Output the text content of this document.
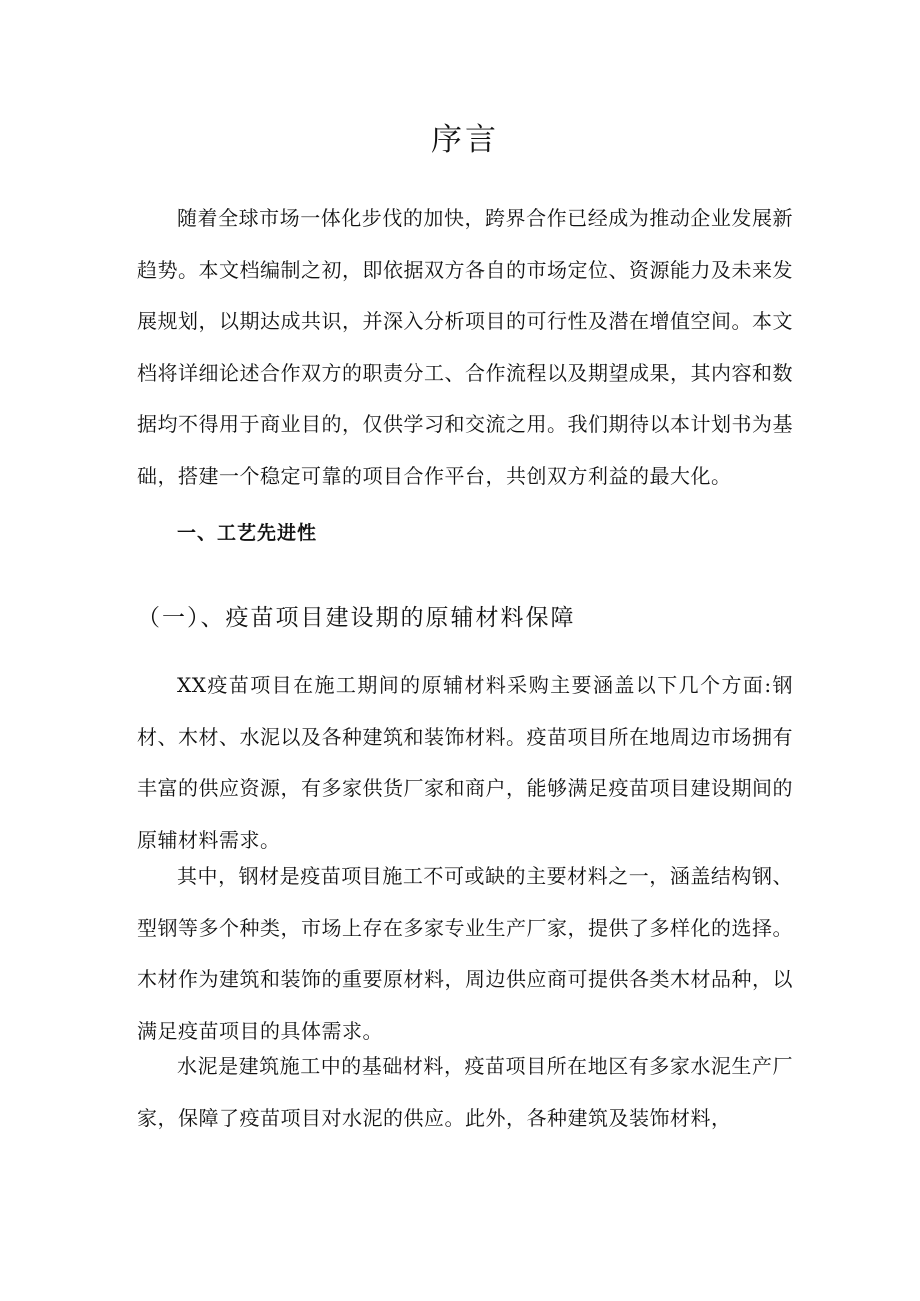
序言

随着全球市场一体化步伐的加快，跨界合作已经成为推动企业发展新趋势。本文档编制之初，即依据双方各自的市场定位、资源能力及未来发展规划，以期达成共识，并深入分析项目的可行性及潜在增值空间。本文档将详细论述合作双方的职责分工、合作流程以及期望成果，其内容和数据均不得用于商业目的，仅供学习和交流之用。我们期待以本计划书为基础，搭建一个稳定可靠的项目合作平台，共创双方利益的最大化。

一、工艺先进性
（一）、疫苗项目建设期的原辅材料保障

XX疫苗项目在施工期间的原辅材料采购主要涵盖以下几个方面:钢材、木材、水泥以及各种建筑和装饰材料。疫苗项目所在地周边市场拥有丰富的供应资源，有多家供货厂家和商户，能够满足疫苗项目建设期间的原辅材料需求。

其中，钢材是疫苗项目施工不可或缺的主要材料之一，涵盖结构钢、型钢等多个种类，市场上存在多家专业生产厂家，提供了多样化的选择。木材作为建筑和装饰的重要原材料，周边供应商可提供各类木材品种，以满足疫苗项目的具体需求。

水泥是建筑施工中的基础材料，疫苗项目所在地区有多家水泥生产厂家，保障了疫苗项目对水泥的供应。此外，各种建筑及装饰材料，
